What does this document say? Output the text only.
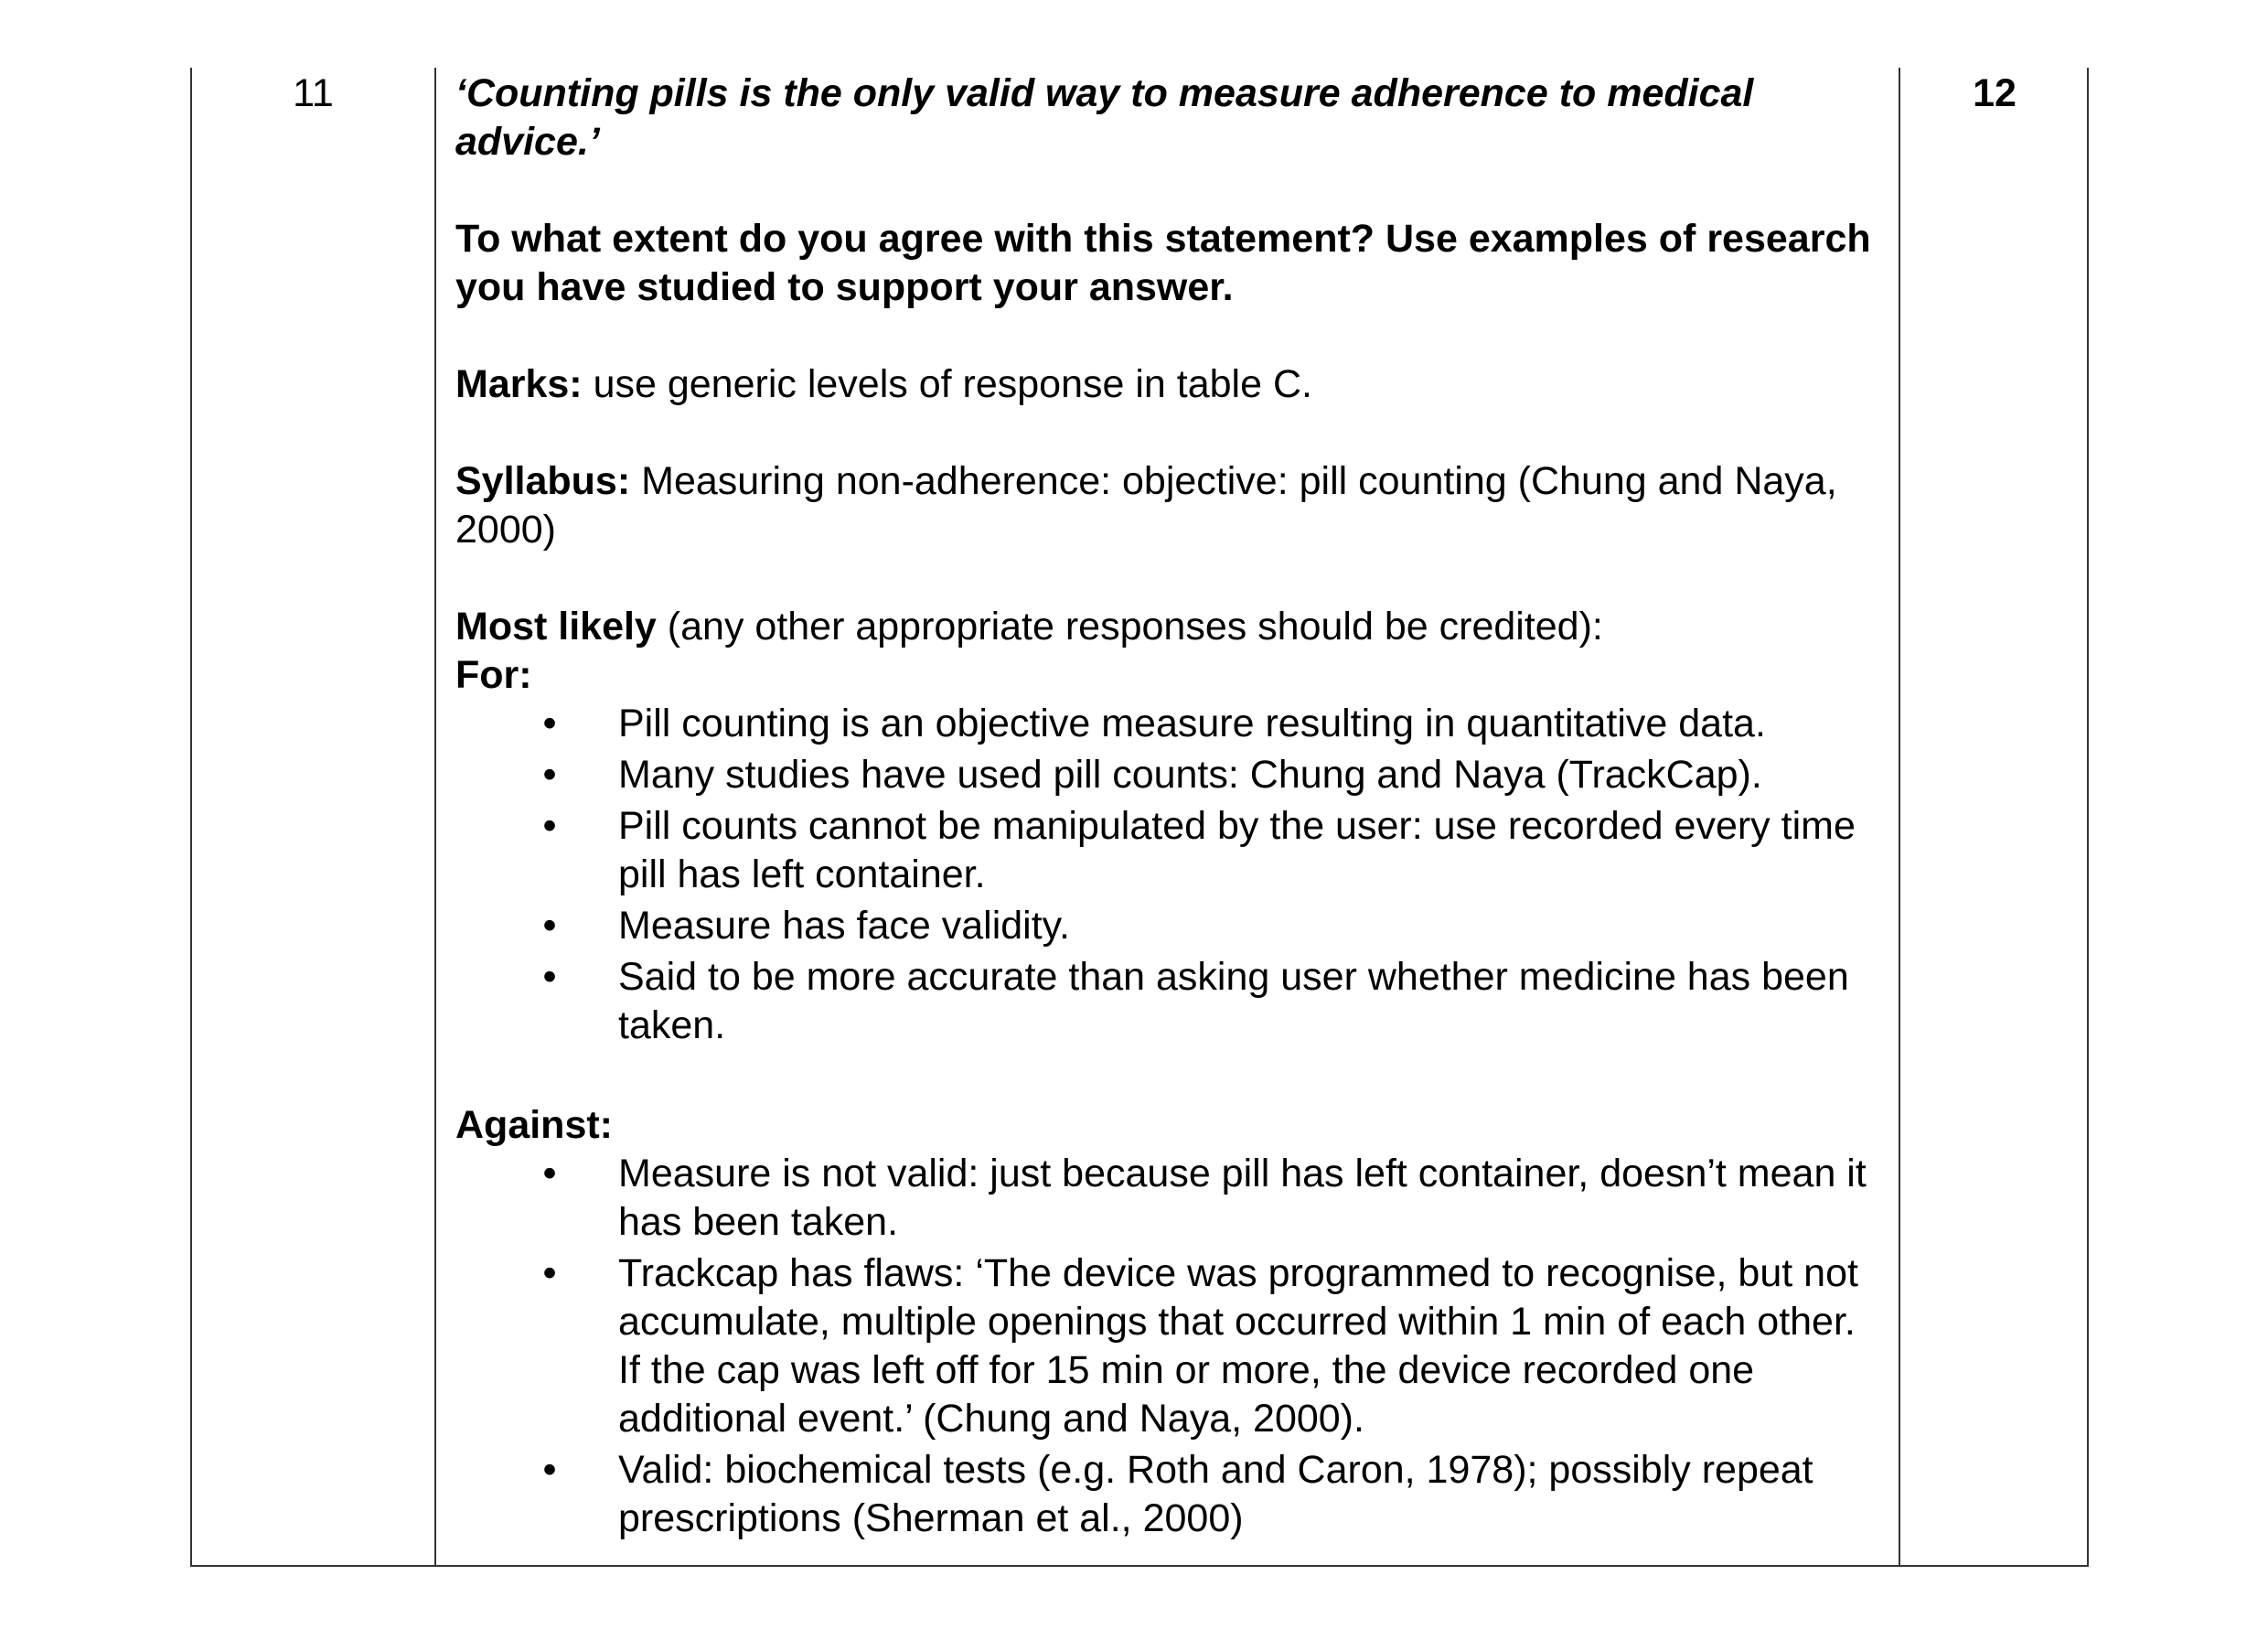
11	‘Counting pills is the only valid way to measure adherence to medical advice.’

To what extent do you agree with this statement? Use examples of research you have studied to support your answer.

Marks: use generic levels of response in table C.

Syllabus: Measuring non-adherence: objective: pill counting (Chung and Naya, 2000)

Most likely (any other appropriate responses should be credited):

For:

• Pill counting is an objective measure resulting in quantitative data.
• Many studies have used pill counts: Chung and Naya (TrackCap).
• Pill counts cannot be manipulated by the user: use recorded every time pill has left container.
• Measure has face validity.
• Said to be more accurate than asking user whether medicine has been taken.

Against:

• Measure is not valid: just because pill has left container, doesn’t mean it has been taken.
• Trackcap has flaws: ‘The device was programmed to recognise, but not accumulate, multiple openings that occurred within 1 min of each other. If the cap was left off for 15 min or more, the device recorded one additional event.’ (Chung and Naya, 2000).
• Valid: biochemical tests (e.g. Roth and Caron, 1978); possibly repeat prescriptions (Sherman et al., 2000)
12
